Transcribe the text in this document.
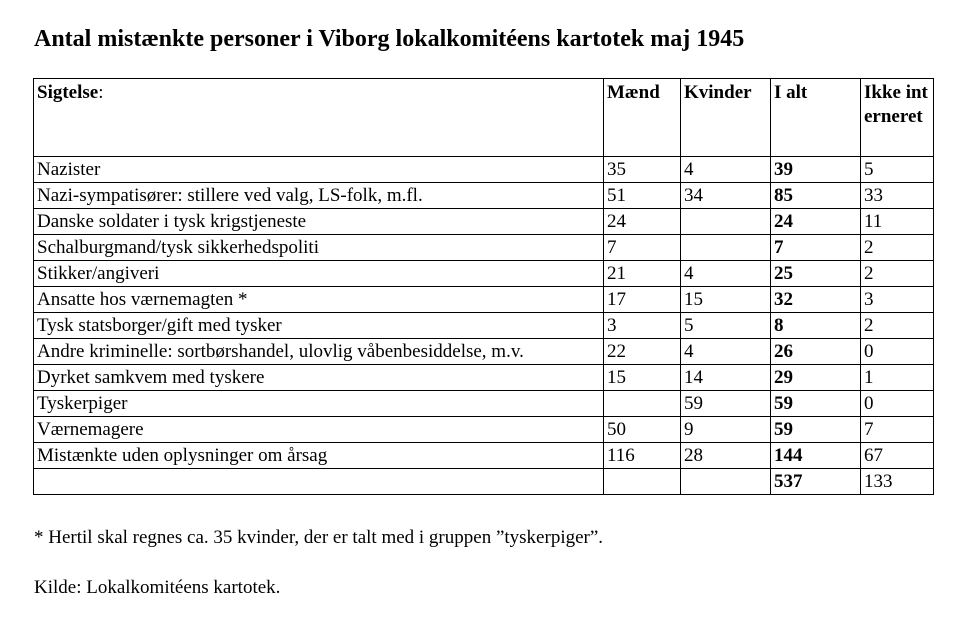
Antal mistænkte personer i Viborg lokalkomitéens kartotek maj 1945
Sigtelse:	Mænd	Kvinder	I alt	Ikke interneret
Nazister	35	4	39	5
Nazi-sympatisører: stillere ved valg, LS-folk, m.fl.	51	34	85	33
Danske soldater i tysk krigstjeneste	24		24	11
Schalburgmand/tysk sikkerhedspoliti	7		7	2
Stikker/angiveri	21	4	25	2
Ansatte hos værnemagten *	17	15	32	3
Tysk statsborger/gift med tysker	3	5	8	2
Andre kriminelle: sortbørshandel, ulovlig våbenbesiddelse, m.v.	22	4	26	0
Dyrket samkvem med tyskere	15	14	29	1
Tyskerpiger		59	59	0
Værnemagere	50	9	59	7
Mistænkte uden oplysninger om årsag	116	28	144	67
			537	133

* Hertil skal regnes ca. 35 kvinder, der er talt med i gruppen ”tyskerpiger”.

Kilde: Lokalkomitéens kartotek.
